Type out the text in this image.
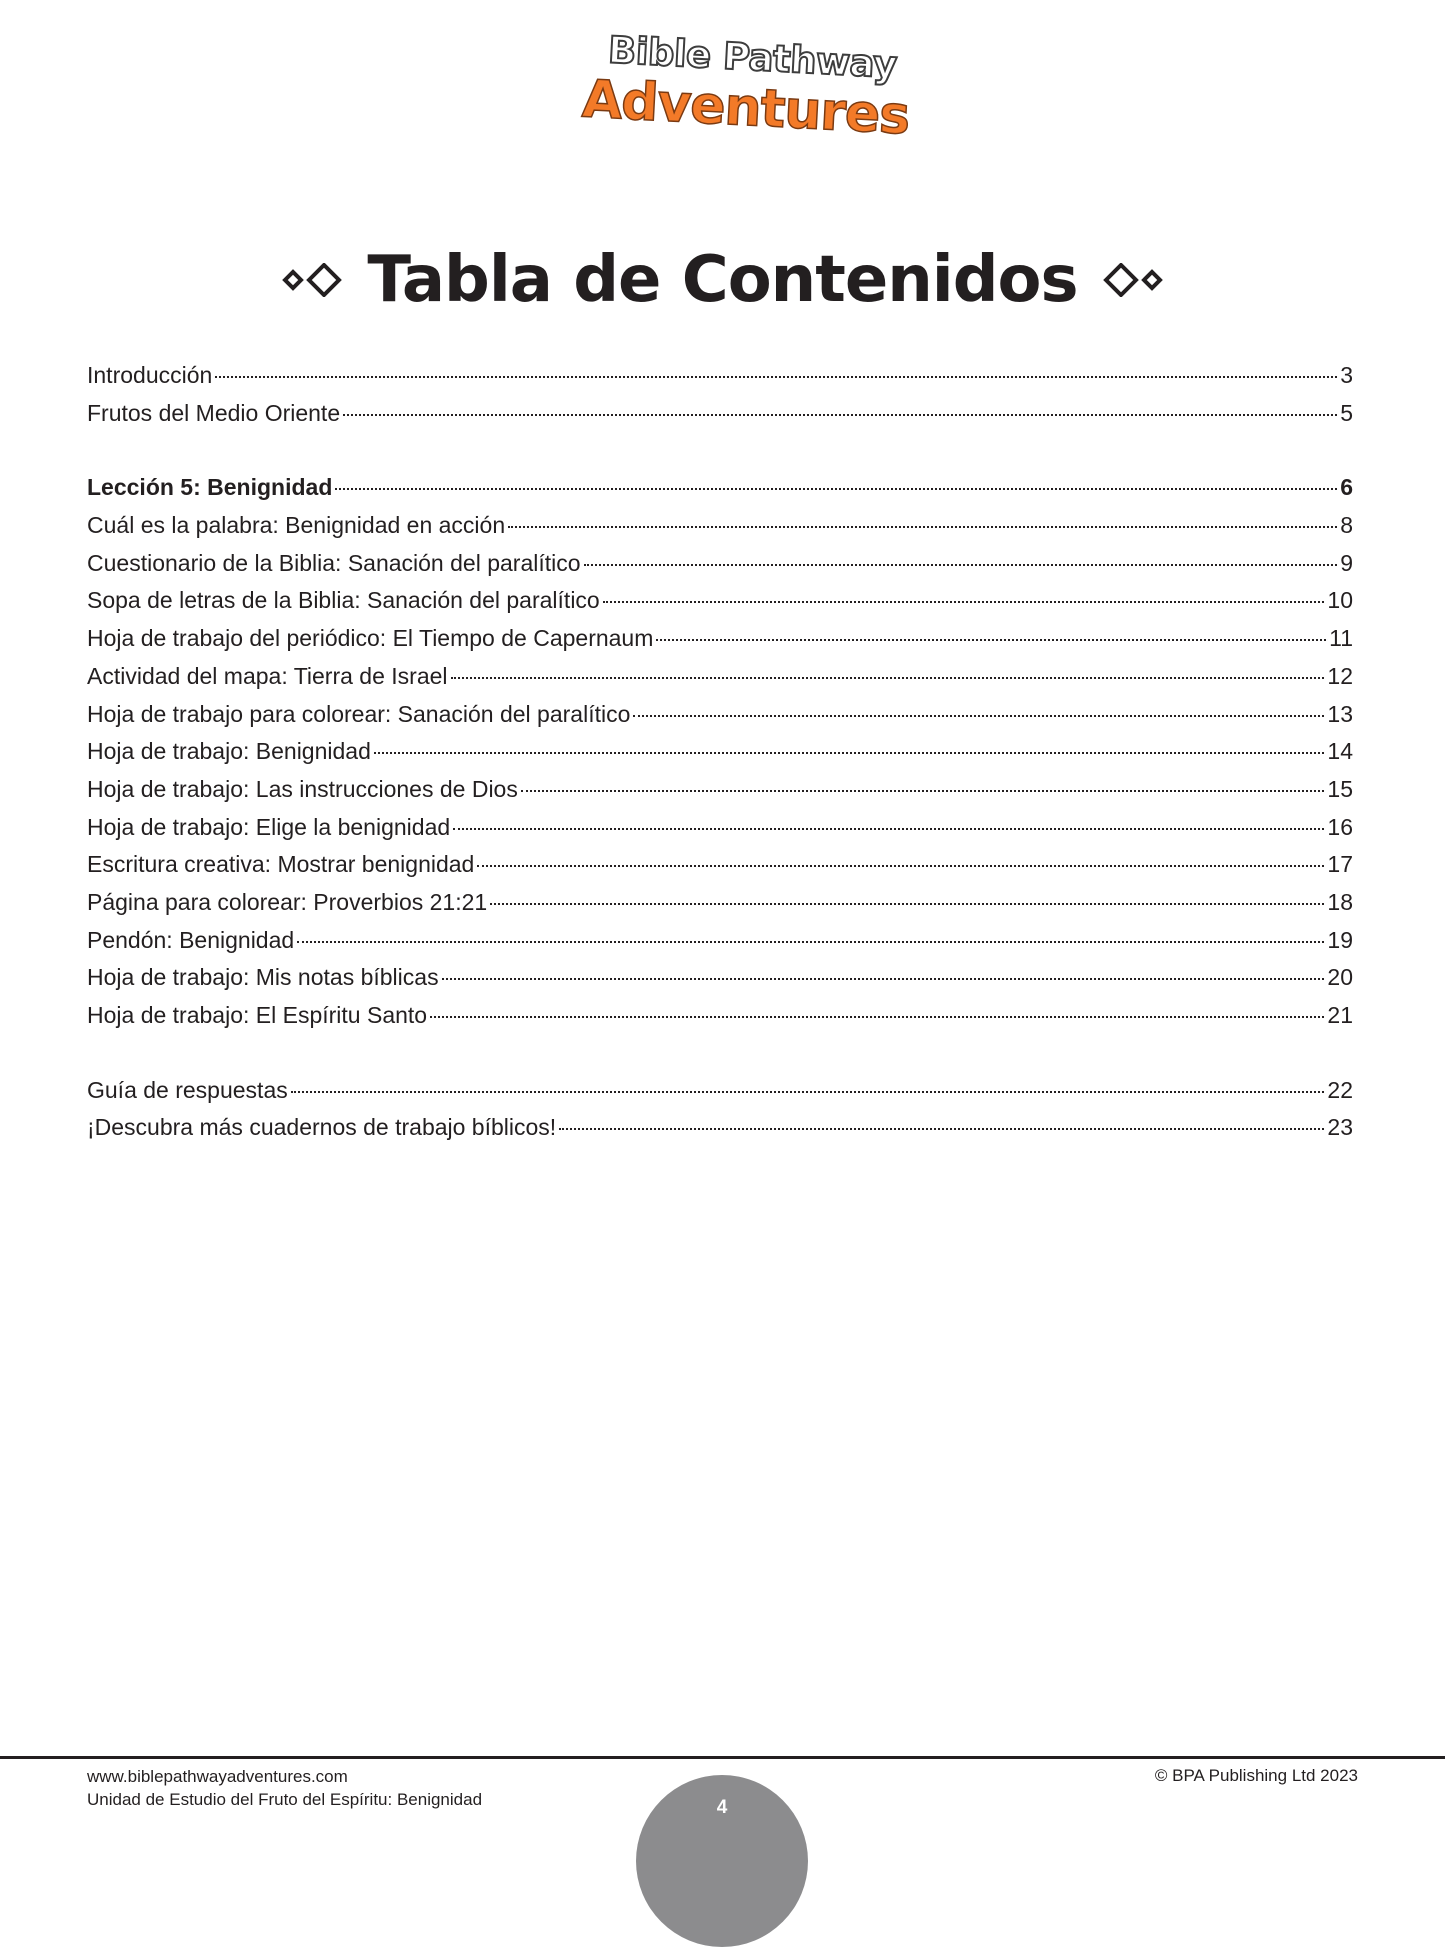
Bible Pathway
Adventures
Tabla de Contenidos
Introducción	3
Frutos del Medio Oriente	5
Lección 5: Benignidad	6
Cuál es la palabra: Benignidad en acción	8
Cuestionario de la Biblia: Sanación del paralítico	9
Sopa de letras de la Biblia: Sanación del paralítico	10
Hoja de trabajo del periódico: El Tiempo de Capernaum	11
Actividad del mapa: Tierra de Israel	12
Hoja de trabajo para colorear: Sanación del paralítico	13
Hoja de trabajo: Benignidad	14
Hoja de trabajo: Las instrucciones de Dios	15
Hoja de trabajo: Elige la benignidad	16
Escritura creativa: Mostrar benignidad	17
Página para colorear: Proverbios 21:21	18
Pendón: Benignidad	19
Hoja de trabajo: Mis notas bíblicas	20
Hoja de trabajo: El Espíritu Santo	21
Guía de respuestas	22
¡Descubra más cuadernos de trabajo bíblicos!	23
www.biblepathwayadventures.com
Unidad de Estudio del Fruto del Espíritu: Benignidad
© BPA Publishing Ltd 2023
4
